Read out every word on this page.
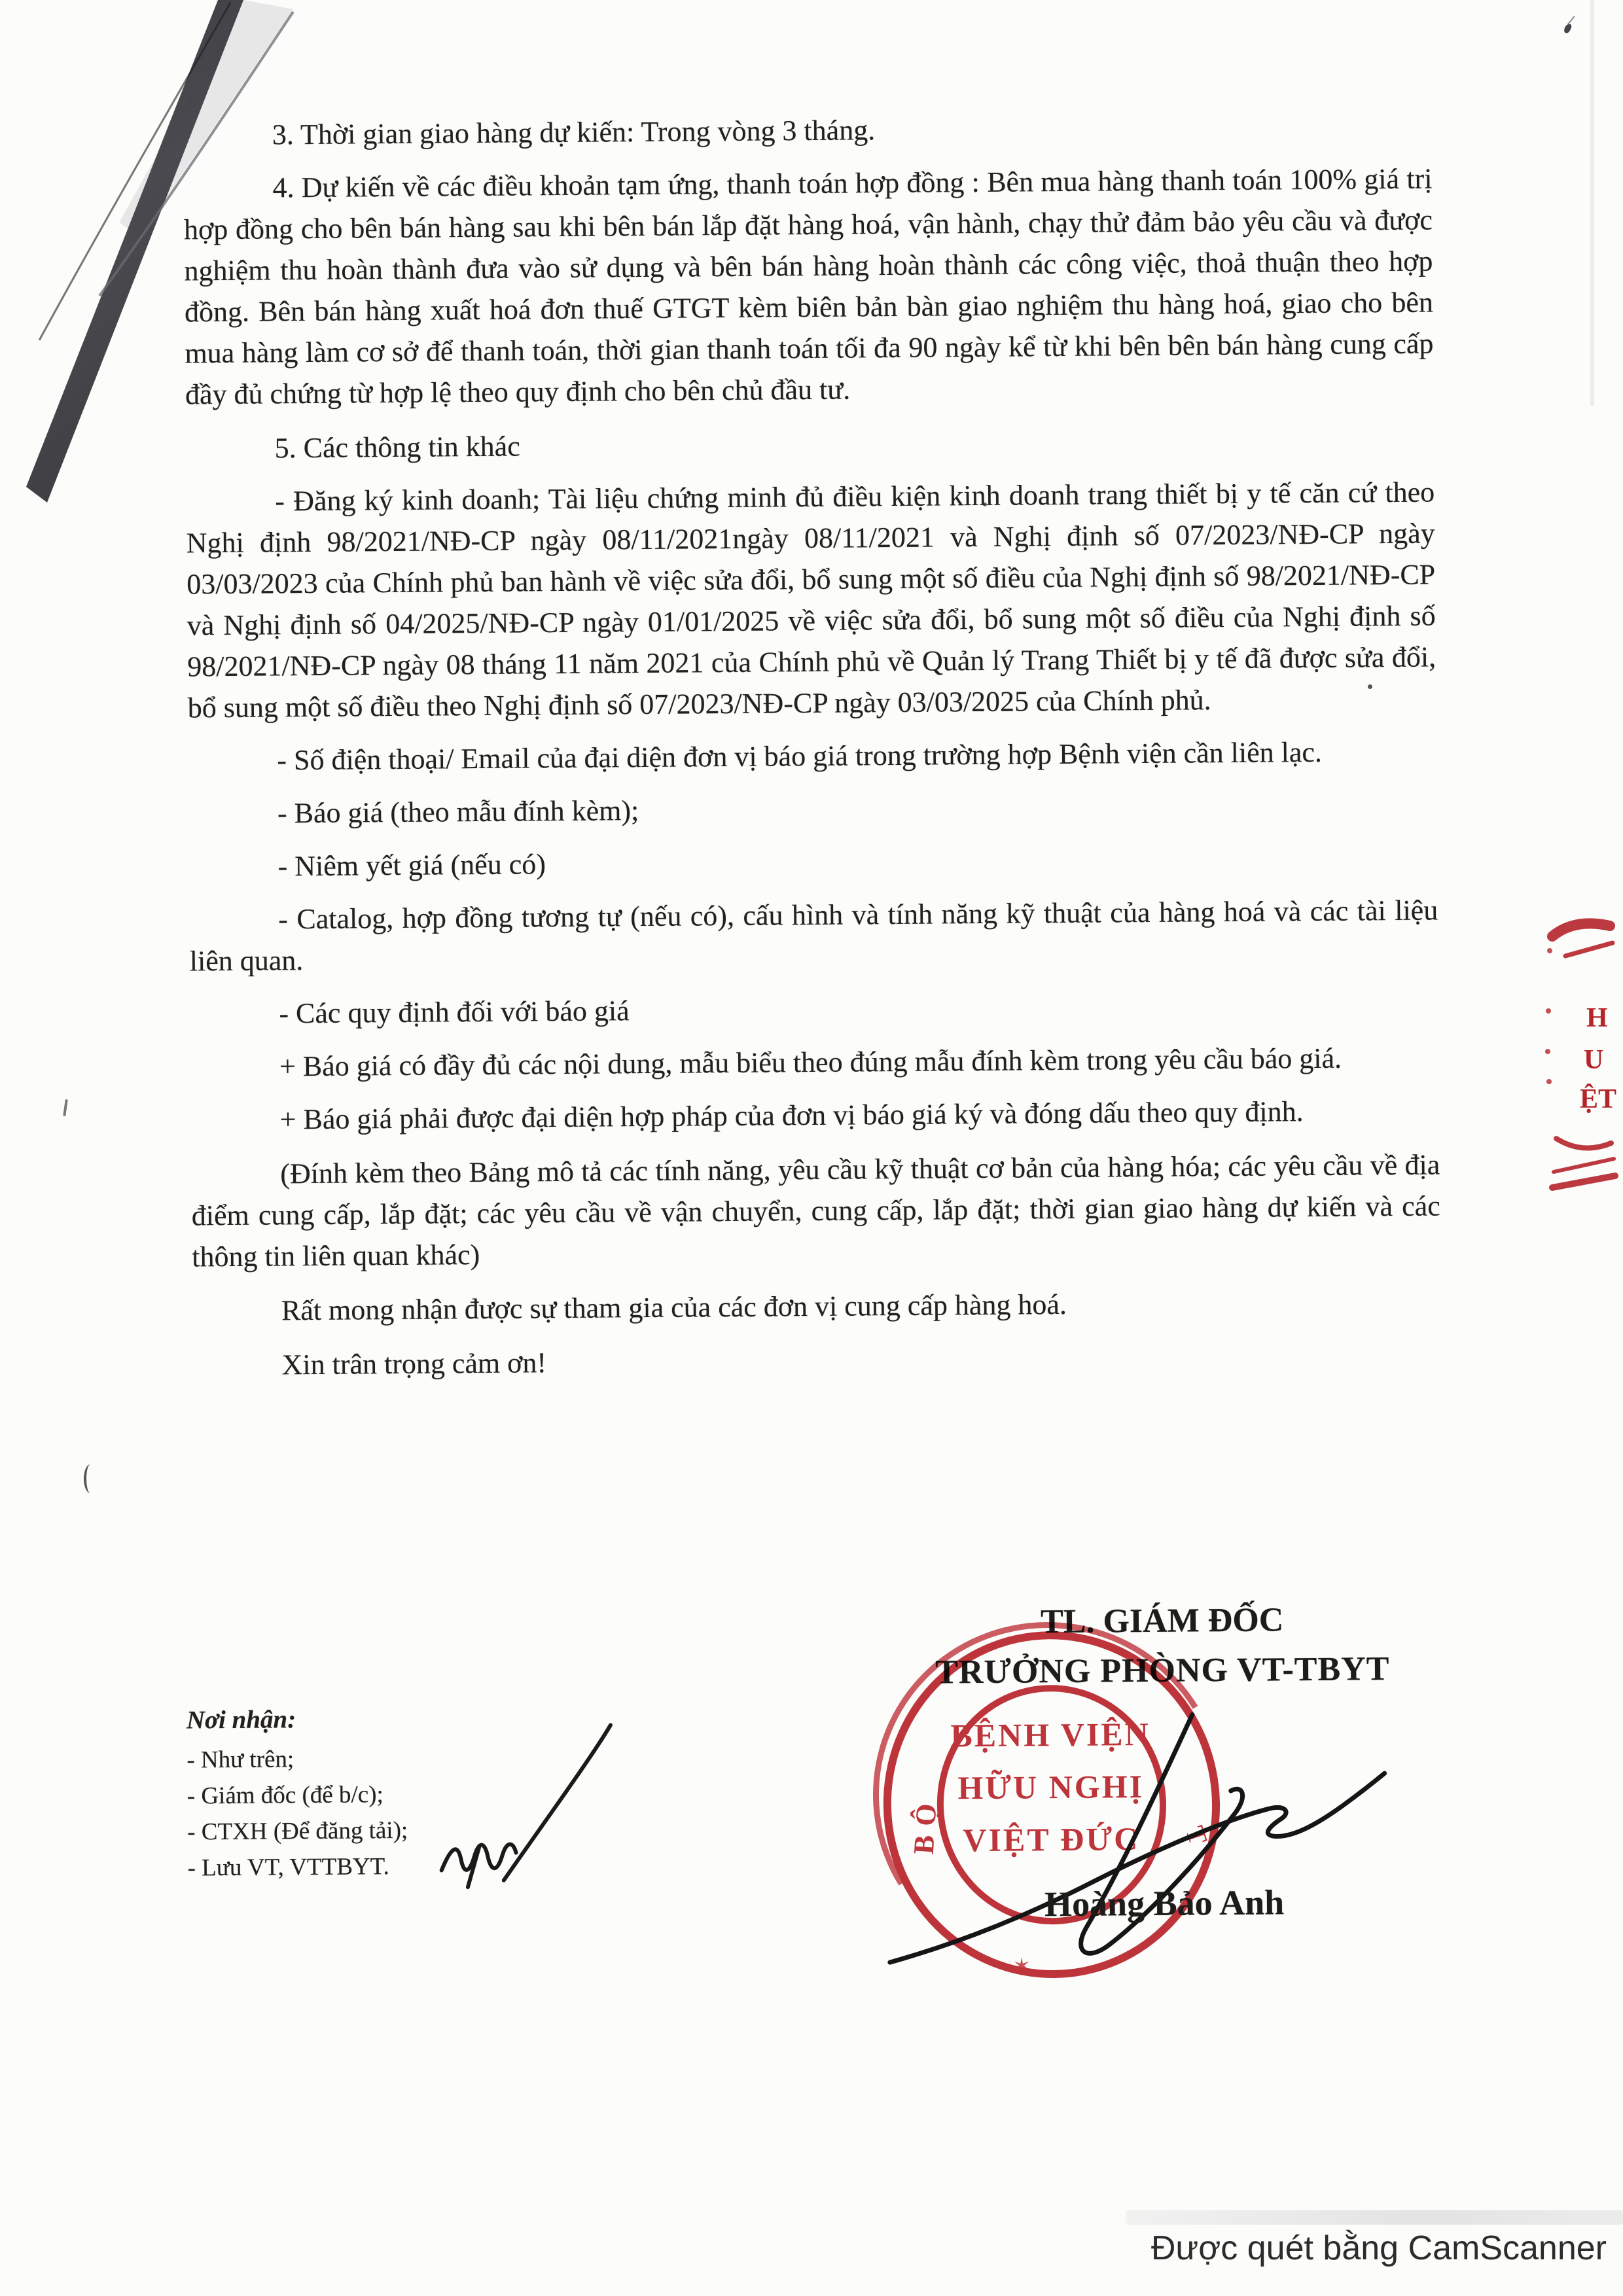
3. Thời gian giao hàng dự kiến: Trong vòng 3 tháng.

4. Dự kiến về các điều khoản tạm ứng, thanh toán hợp đồng : Bên mua hàng thanh toán 100% giá trị hợp đồng cho bên bán hàng sau khi bên bán lắp đặt hàng hoá, vận hành, chạy thử đảm bảo yêu cầu và được nghiệm thu hoàn thành đưa vào sử dụng và bên bán hàng hoàn thành các công việc, thoả thuận theo hợp đồng. Bên bán hàng xuất hoá đơn thuế GTGT kèm biên bản bàn giao nghiệm thu hàng hoá, giao cho bên mua hàng làm cơ sở để thanh toán, thời gian thanh toán tối đa 90 ngày kể từ khi bên bên bán hàng cung cấp đầy đủ chứng từ hợp lệ theo quy định cho bên chủ đầu tư.

5. Các thông tin khác

- Đăng ký kinh doanh; Tài liệu chứng minh đủ điều kiện kinh doanh trang thiết bị y tế căn cứ theo Nghị định 98/2021/NĐ-CP ngày 08/11/2021ngày 08/11/2021 và Nghị định số 07/2023/NĐ-CP ngày 03/03/2023 của Chính phủ ban hành về việc sửa đổi, bổ sung một số điều của Nghị định số 98/2021/NĐ-CP và Nghị định số 04/2025/NĐ-CP ngày 01/01/2025 về việc sửa đổi, bổ sung một số điều của Nghị định số 98/2021/NĐ-CP ngày 08 tháng 11 năm 2021 của Chính phủ về Quản lý Trang Thiết bị y tế đã được sửa đổi, bổ sung một số điều theo Nghị định số 07/2023/NĐ-CP ngày 03/03/2025 của Chính phủ.

- Số điện thoại/ Email của đại diện đơn vị báo giá trong trường hợp Bệnh viện cần liên lạc.

- Báo giá (theo mẫu đính kèm);

- Niêm yết giá (nếu có)

- Catalog, hợp đồng tương tự (nếu có), cấu hình và tính năng kỹ thuật của hàng hoá và các tài liệu liên quan.

- Các quy định đối với báo giá

+ Báo giá có đầy đủ các nội dung, mẫu biểu theo đúng mẫu đính kèm trong yêu cầu báo giá.

+ Báo giá phải được đại diện hợp pháp của đơn vị báo giá ký và đóng dấu theo quy định.

(Đính kèm theo Bảng mô tả các tính năng, yêu cầu kỹ thuật cơ bản của hàng hóa; các yêu cầu về địa điểm cung cấp, lắp đặt; các yêu cầu về vận chuyển, cung cấp, lắp đặt; thời gian giao hàng dự kiến và các thông tin liên quan khác)

Rất mong nhận được sự tham gia của các đơn vị cung cấp hàng hoá.

Xin trân trọng cảm ơn!

Nơi nhận:
- Như trên;
- Giám đốc (để b/c);
- CTXH (Để đăng tải);
- Lưu VT, VTTBYT.
TL. GIÁM ĐỐC
TRƯỞNG PHÒNG VT-TBYT
BỆNH VIỆN
HỮU NGHỊ
VIỆT ĐỨC
BỘ	T
✶
Hoàng Bảo Anh
H
U
ỆT
Được quét bằng CamScanner
